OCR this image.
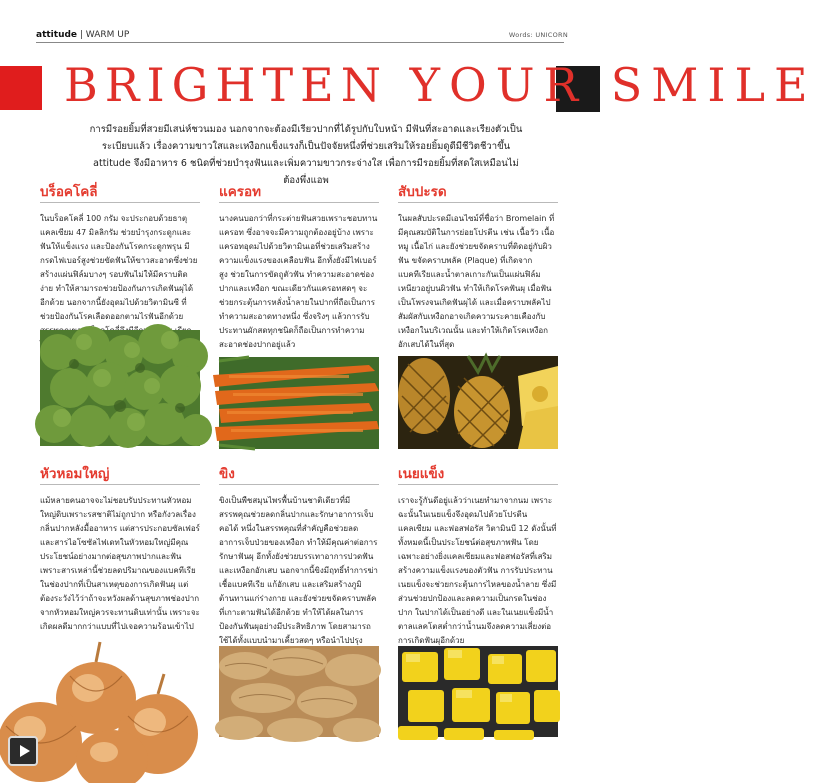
attitude | WARM UP	Words: UNICORN
BRIGHTEN YOUR SMILE

การมีรอยยิ้มที่สวยมีเสน่ห์ชวนมอง นอกจากจะต้องมีเรียวปากที่ได้รูปกับใบหน้า มีฟันที่สะอาดและเรียงตัวเป็นระเบียบแล้ว เรื่องความขาวใสและเหงือกแข็งแรงก็เป็นปัจจัยหนึ่งที่ช่วยเสริมให้รอยยิ้มดูดีมีชีวิตชีวาขึ้น attitude จึงมีอาหาร 6 ชนิดที่ช่วยบำรุงฟันและเพิ่มความขาวกระจ่างใส เพื่อการมีรอยยิ้มที่สดใสเหมือนไม่ต้องพึ่งแอพ

บร็อคโคลี่

ในบร็อคโคลี่ 100 กรัม จะประกอบด้วยธาตุแคลเซียม 47 มิลลิกรัม ช่วยบำรุงกระดูกและฟันให้แข็งแรง และป้องกันโรคกระดูกพรุน มีกรดไฟเบอร์สูงช่วยขัดฟันให้ขาวสะอาดซึ่งช่วยสร้างแผ่นฟิล์มบางๆ รอบฟันไม่ให้มีคราบติดง่าย ทำให้สามารถช่วยป้องกันการเกิดฟันผุได้อีกด้วย นอกจากนี้ยังอุดมไปด้วยวิตามินซี ที่ช่วยป้องกันโรคเลือดออกตามไรฟันอีกด้วย

แครอท

นางคนบอกว่าที่กระต่ายฟันสวยเพราะชอบทานแครอท ซึ่งอาจจะมีความถูกต้องอยู่บ้าง เพราะแครอทอุดมไปด้วยวิตามินเอที่ช่วยเสริมสร้างความแข็งแรงของเคลือบฟัน อีกทั้งยังมีไฟเบอร์สูง ช่วยในการขัดถูตัวฟัน ทำความสะอาดช่องปากและเหงือก ขณะเดียวกันแครอทสดๆ จะช่วยกระตุ้นการหลั่งน้ำลายในปากที่ถือเป็นการทำความสะอาดทางหนึ่ง ซึ่งจริงๆ แล้วการรับประทานผักสดทุกชนิดก็ถือเป็นการทำความสะอาดช่องปากอยู่แล้ว

สับปะรด

ในผลสับปะรดมีเอนไซม์ที่ชื่อว่า Bromelain ที่มีคุณสมบัติในการย่อยโปรตีน เช่น เนื้อวัว เนื้อหมู เนื้อไก่ และยังช่วยขจัดคราบที่ติดอยู่กับผิวฟัน ขจัดคราบพลัค (Plaque) ที่เกิดจากแบคทีเรียและน้ำตาลเกาะกันเป็นแผ่นฟิล์มเหนียวอยู่บนผิวฟัน ทำให้เกิดโรคฟันผุ เมื่อฟันเป็นโพรงจนเกิดฟันผุได้ และเมื่อคราบพลัคไปสัมผัสกับเหงือกอาจเกิดความระคายเคืองกับเหงือกในบริเวณนั้น และทำให้เกิดโรคเหงือกอักเสบได้ในที่สุด

หัวหอมใหญ่

แม้หลายคนอาจจะไม่ชอบรับประทานหัวหอมใหญ่ดิบเพราะรสชาติไม่ถูกปาก หรือกังวลเรื่องกลิ่นปากหลังมื้ออาหาร แต่สารประกอบซัลเฟอร์และสารไอโซซัลไฟเดทในหัวหอมใหญ่มีคุณประโยชน์อย่างมากต่อสุขภาพปากและฟัน เพราะสารเหล่านี้ช่วยลดปริมาณของแบคทีเรียในช่องปากที่เป็นสาเหตุของการเกิดฟันผุ แต่ต้องระวังไว้ว่าถ้าจะหวังผลด้านสุขภาพช่องปากจากหัวหอมใหญ่ควรจะทานดิบเท่านั้น เพราะจะเกิดผลดีมากกว่าแบบที่ไปเจอความร้อนเข้าไป

ขิง

ขิงเป็นพืชสมุนไพรพื้นบ้านชาติเดียวที่มีสรรพคุณช่วยลดกลิ่นปากและรักษาอาการเจ็บคอได้ หนึ่งในสรรพคุณที่สำคัญคือช่วยลดอาการเจ็บป่วยของเหงือก ทำให้มีคุณค่าต่อการรักษาฟันผุ อีกทั้งยังช่วยบรรเทาอาการปวดฟันและเหงือกอักเสบ นอกจากนี้ขิงมีฤทธิ์ทำการฆ่าเชื้อแบคทีเรีย แก้อักเสบ และเสริมสร้างภูมิต้านทานแก่ร่างกาย และยังช่วยขจัดคราบพลัคที่เกาะตามฟันได้อีกด้วย ทำให้ได้ผลในการป้องกันฟันผุอย่างมีประสิทธิภาพ โดยสามารถใช้ได้ทั้งแบบนำมาเคี้ยวสดๆ หรือนำไปปรุง

เนยแข็ง

เราจะรู้กันดีอยู่แล้วว่าเนยทำมาจากนม เพราะฉะนั้นในเนยแข็งจึงอุดมไปด้วยโปรตีน แคลเซียม และฟอสฟอรัส วิตามินบี 12 ดังนั้นที่ทั้งหมดนี้เป็นประโยชน์ต่อสุขภาพฟัน โดยเฉพาะอย่างยิ่งแคลเซียมและฟอสฟอรัสที่เสริมสร้างความแข็งแรงของตัวฟัน การรับประทานเนยแข็งจะช่วยกระตุ้นการไหลของน้ำลาย ซึ่งมีส่วนช่วยปกป้องและลดความเป็นกรดในช่องปาก ในปากได้เป็นอย่างดี และในเนยแข็งมีน้ำตาลแลคโตสต่ำกว่าน้ำนมจึงลดความเสี่ยงต่อการเกิดฟันผุอีกด้วย
